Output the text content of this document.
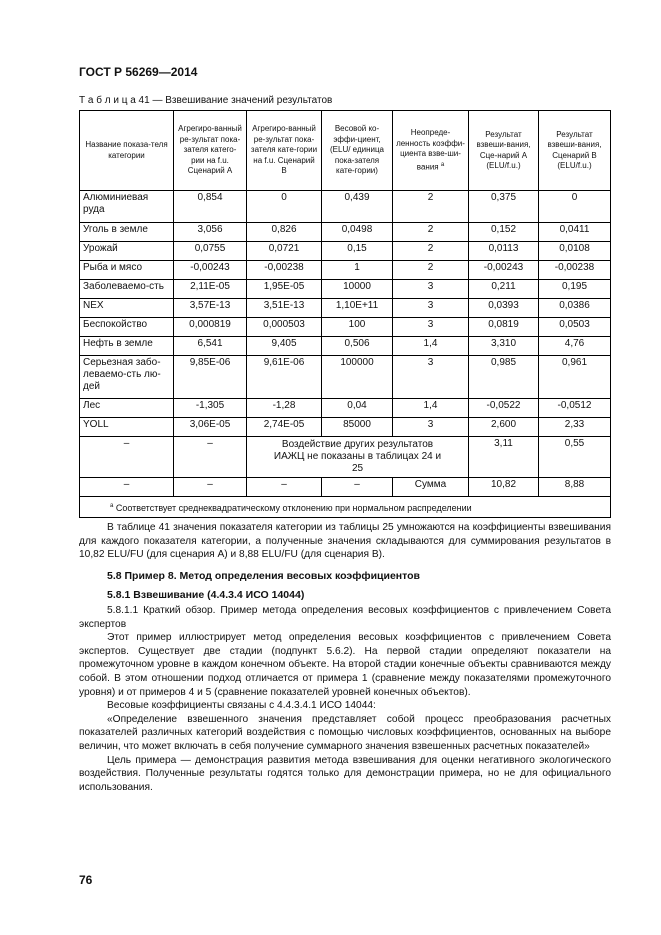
ГОСТ Р 56269—2014
Т а б л и ц а 41 — Взвешивание значений результатов
Название показа-теля категории	Агрегиро-ванный ре-зультат пока-зателя катего-рии на f.u. Сценарий А	Агрегиро-ванный ре-зультат пока-зателя кате-гории на f.u. Сценарий В	Весовой ко-эффи-циент, (ELU/ единица пока-зателя кате-гории)	Неопреде-ленность коэффи-циента взве-ши-вания $^а$	Результат взвеши-вания, Сце-нарий А (ELU/f.u.)	Результат взвеши-вания, Сценарий В (ELU/f.u.)
Алюминиевая руда	0,854	0	0,439	2	0,375	0
Уголь в земле	3,056	0,826	0,0498	2	0,152	0,0411
Урожай	0,0755	0,0721	0,15	2	0,0113	0,0108
Рыба и мясо	-0,00243	-0,00238	1	2	-0,00243	-0,00238
Заболеваемо-сть	2,11E-05	1,95E-05	10000	3	0,211	0,195
NEX	3,57E-13	3,51E-13	1,10E+11	3	0,0393	0,0386
Беспокойство	0,000819	0,000503	100	3	0,0819	0,0503
Нефть в земле	6,541	9,405	0,506	1,4	3,310	4,76
Серьезная забо-леваемо-сть лю-дей	9,85E-06	9,61E-06	100000	3	0,985	0,961
Лес	-1,305	-1,28	0,04	1,4	-0,0522	-0,0512
YOLL	3,06E-05	2,74E-05	85000	3	2,600	2,33
–	–	Воздействие других результатов ИАЖЦ не показаны в таблицах 24 и 25			3,11	0,55
–	–	–	–	Сумма	10,82	8,88
$^а$ Соответствует среднеквадратическому отклонению при нормальном распределении						

В таблице 41 значения показателя категории из таблицы 25 умножаются на коэффициенты взвешивания для каждого показателя категории, а полученные значения складываются для суммирования результатов в 10,82 ELU/FU (для сценария А) и 8,88 ELU/FU (для сценария В).

5.8 Пример 8. Метод определения весовых коэффициентов
5.8.1 Взвешивание (4.4.3.4 ИСО 14044)

5.8.1.1 Краткий обзор. Пример метода определения весовых коэффициентов с привлечением Совета экспертов

Этот пример иллюстрирует метод определения весовых коэффициентов с привлечением Совета экспертов. Существует две стадии (подпункт 5.6.2). На первой стадии определяют показатели на промежуточном уровне в каждом конечном объекте. На второй стадии конечные объекты сравниваются между собой. В этом отношении подход отличается от примера 1 (сравнение между показателями промежуточного уровня) и от примеров 4 и 5 (сравнение показателей уровней конечных объектов).

Весовые коэффициенты связаны с 4.4.3.4.1 ИСО 14044:

«Определение взвешенного значения представляет собой процесс преобразования расчетных показателей различных категорий воздействия с помощью числовых коэффициентов, основанных на выборе величин, что может включать в себя получение суммарного значения взвешенных расчетных показателей»

Цель примера — демонстрация развития метода взвешивания для оценки негативного экологического воздействия. Полученные результаты годятся только для демонстрации примера, но не для официального использования.

76
